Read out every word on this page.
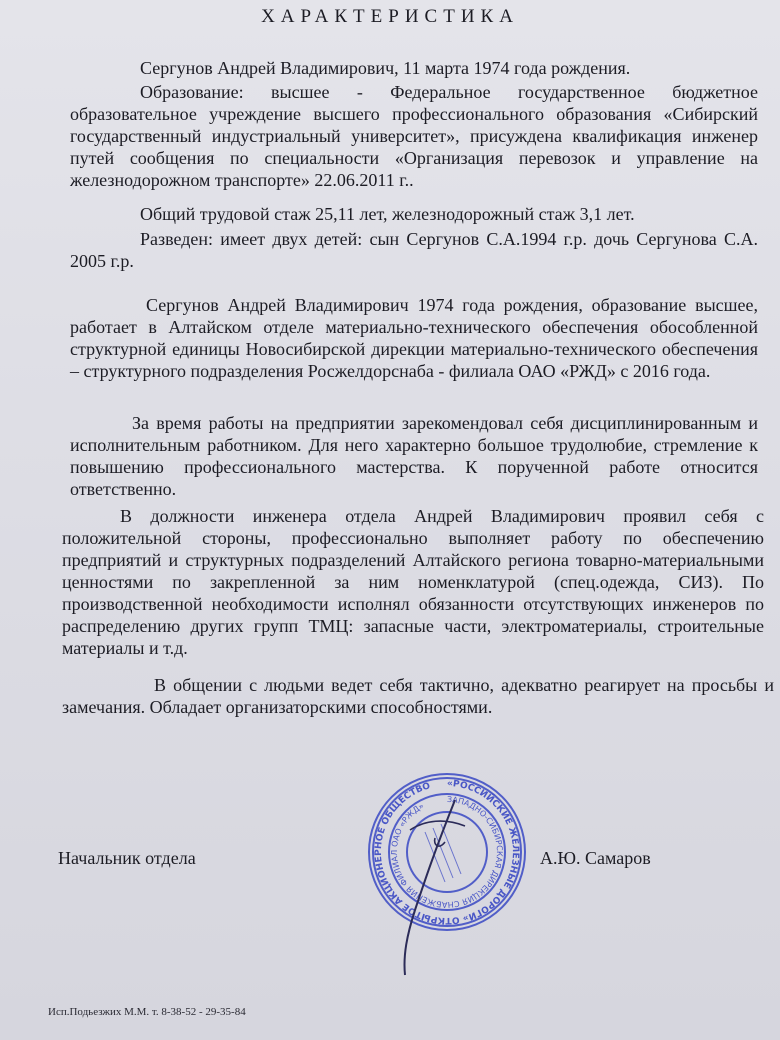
ХАРАКТЕРИСТИКА

Сергунов Андрей Владимирович, 11 марта 1974 года рождения.

Образование: высшее - Федеральное государственное бюджетное образовательное учреждение высшего профессионального образования «Сибирский государственный индустриальный университет», присуждена квалификация инженер путей сообщения по специальности «Организация перевозок и управление на железнодорожном транспорте» 22.06.2011 г..

Общий трудовой стаж 25,11 лет, железнодорожный стаж 3,1 лет.

Разведен: имеет двух детей: сын Сергунов С.А.1994 г.р. дочь Сергунова С.А. 2005 г.р.

Сергунов Андрей Владимирович 1974 года рождения, образование высшее, работает в Алтайском отделе материально-технического обеспечения обособленной структурной единицы Новосибирской дирекции материально-технического обеспечения – структурного подразделения Росжелдорснаба - филиала ОАО «РЖД» с 2016 года.

За время работы на предприятии зарекомендовал себя дисциплинированным и исполнительным работником. Для него характерно большое трудолюбие, стремление к повышению профессионального мастерства. К порученной работе относится ответственно.

В должности инженера отдела Андрей Владимирович проявил себя с положительной стороны, профессионально выполняет работу по обеспечению предприятий и структурных подразделений Алтайского региона товарно-материальными ценностями по закрепленной за ним номенклатурой (спец.одежда, СИЗ). По производственной необходимости исполнял обязанности отсутствующих инженеров по распределению других групп ТМЦ: запасные части, электроматериалы, строительные материалы и т.д.

В общении с людьми ведет себя тактично, адекватно реагирует на просьбы и замечания. Обладает организаторскими способностями.

Начальник отдела	А.Ю. Самаров
«РОССИЙСКИЕ ЖЕЛЕЗНЫЕ ДОРОГИ» ОТКРЫТОЕ АКЦИОНЕРНОЕ ОБЩЕСТВО
ЗАПАДНО-СИБИРСКАЯ ДИРЕКЦИЯ СНАБЖЕНИЯ ФИЛИАЛ ОАО «РЖД»
Исп.Подьезжих М.М. т. 8-38-52 - 29-35-84
